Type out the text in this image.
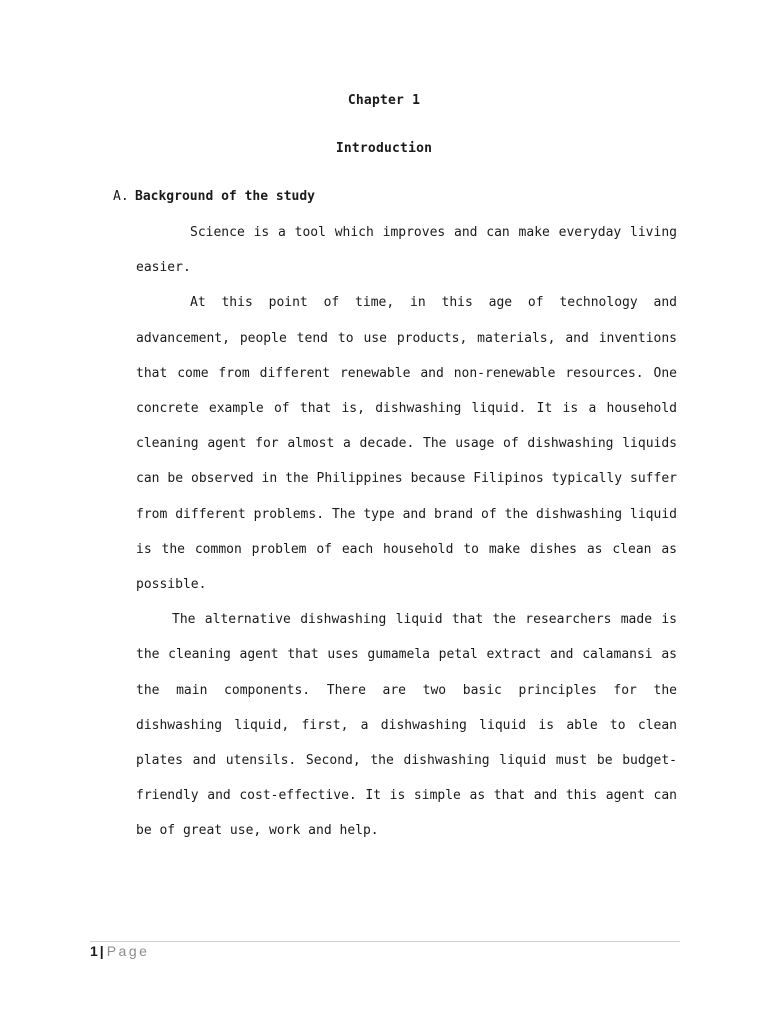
Chapter 1
Introduction
A. Background of the study

Science is a tool which improves and can make everyday living easier.

At this point of time, in this age of technology and advancement, people tend to use products, materials, and inventions that come from different renewable and non-renewable resources. One concrete example of that is, dishwashing liquid. It is a household cleaning agent for almost a decade. The usage of dishwashing liquids can be observed in the Philippines because Filipinos typically suffer from different problems. The type and brand of the dishwashing liquid is the common problem of each household to make dishes as clean as possible.

The alternative dishwashing liquid that the researchers made is the cleaning agent that uses gumamela petal extract and calamansi as the main components. There are two basic principles for the dishwashing liquid, first, a dishwashing liquid is able to clean plates and utensils. Second, the dishwashing liquid must be budget-friendly and cost-effective. It is simple as that and this agent can be of great use, work and help.

1 | Page
